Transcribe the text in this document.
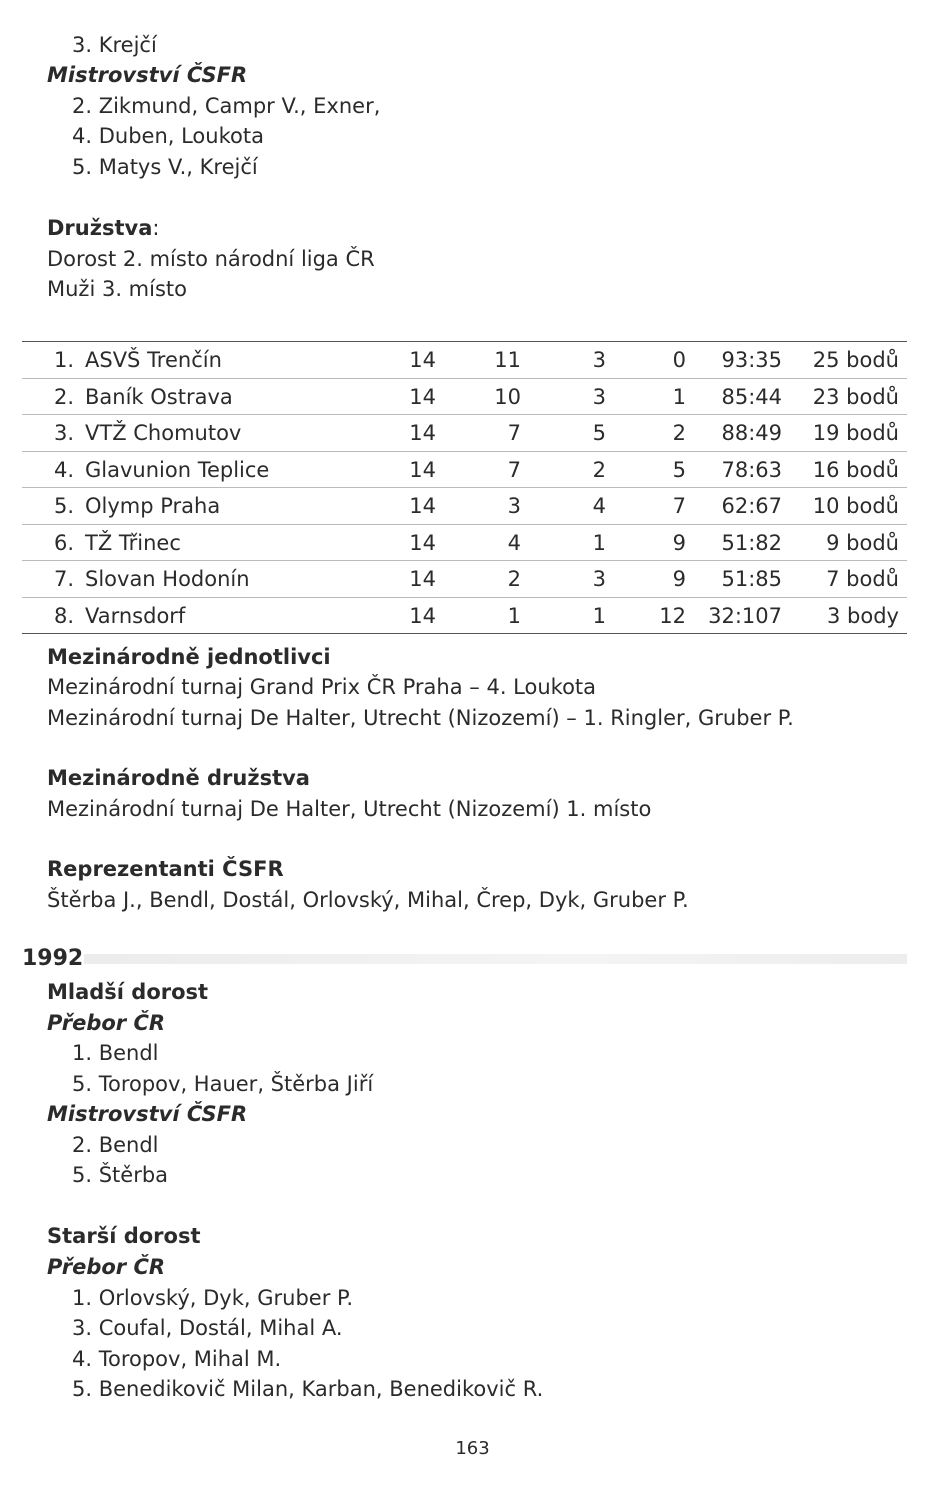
3. Krejčí
Mistrovství ČSFR
2. Zikmund, Campr V., Exner,
4. Duben, Loukota
5. Matys V., Krejčí
Družstva:
Dorost 2. místo národní liga ČR
Muži 3. místo
1. ASVŠ Trenčín	14	11	3	0	93:35	25 bodů
2. Baník Ostrava	14	10	3	1	85:44	23 bodů
3. VTŽ Chomutov	14	7	5	2	88:49	19 bodů
4. Glavunion Teplice	14	7	2	5	78:63	16 bodů
5. Olymp Praha	14	3	4	7	62:67	10 bodů
6. TŽ Třinec	14	4	1	9	51:82	9 bodů
7. Slovan Hodonín	14	2	3	9	51:85	7 bodů
8. Varnsdorf	14	1	1	12	32:107	3 body
Mezinárodně jednotlivci
Mezinárodní turnaj Grand Prix ČR Praha – 4. Loukota
Mezinárodní turnaj De Halter, Utrecht (Nizozemí) – 1. Ringler, Gruber P.
Mezinárodně družstva
Mezinárodní turnaj De Halter, Utrecht (Nizozemí) 1. místo
Reprezentanti ČSFR
Štěrba J., Bendl, Dostál, Orlovský, Mihal, Črep, Dyk, Gruber P.
1992
Mladší dorost
Přebor ČR
1. Bendl
5. Toropov, Hauer, Štěrba Jiří
Mistrovství ČSFR
2. Bendl
5. Štěrba
Starší dorost
Přebor ČR
1. Orlovský, Dyk, Gruber P.
3. Coufal, Dostál, Mihal A.
4. Toropov, Mihal M.
5. Benedikovič Milan, Karban, Benedikovič R.
163
